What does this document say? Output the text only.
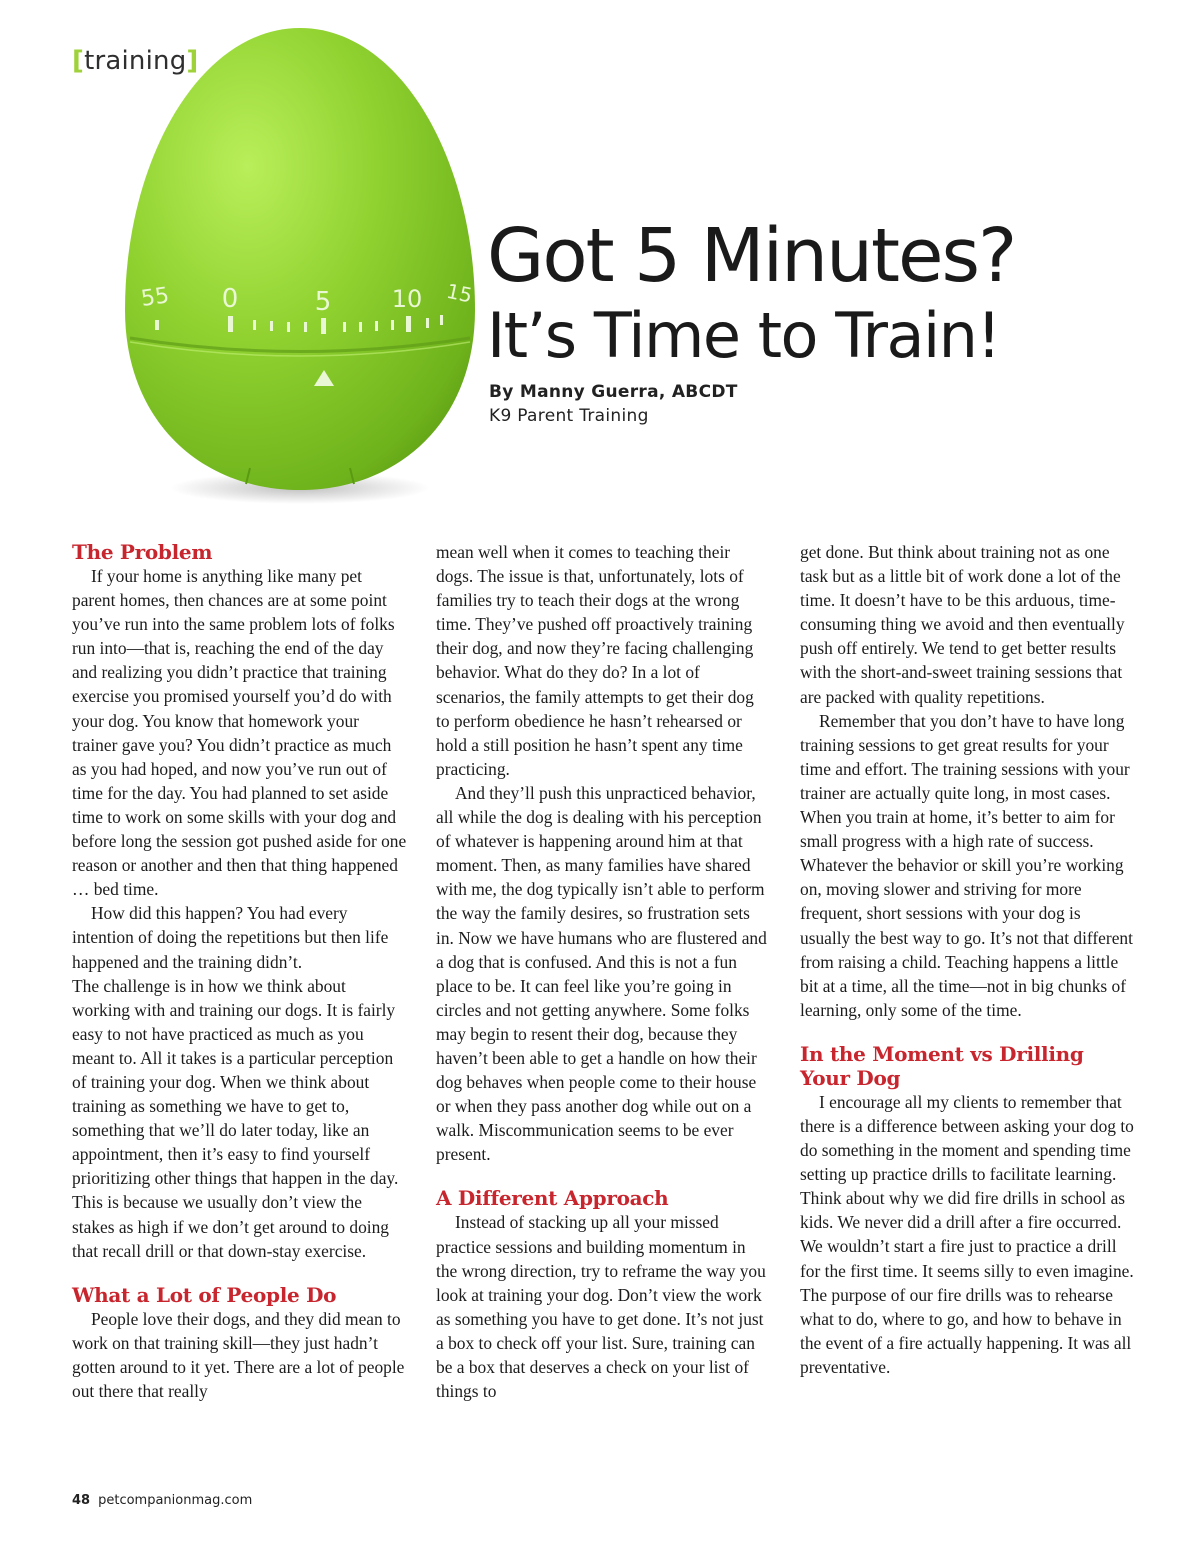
[training]
55 0	5	10 15 Got 5 Minutes?
It’s Time to Train!
By Manny Guerra, ABCDT
K9 Parent Training
The Problem

If your home is anything like many pet parent homes, then chances are at some point you’ve run into the same problem lots of folks run into—that is, reaching the end of the day and realizing you didn’t practice that training exercise you promised yourself you’d do with your dog. You know that homework your trainer gave you? You didn’t practice as much as you had hoped, and now you’ve run out of time for the day. You had planned to set aside time to work on some skills with your dog and before long the session got pushed aside for one reason or another and then that thing happened … bed time.

How did this happen? You had every intention of doing the repetitions but then life happened and the training didn’t.

The challenge is in how we think about working with and training our dogs. It is fairly easy to not have practiced as much as you meant to. All it takes is a particular perception of training your dog. When we think about training as something we have to get to, something that we’ll do later today, like an appointment, then it’s easy to find yourself prioritizing other things that happen in the day. This is because we usually don’t view the stakes as high if we don’t get around to doing that recall drill or that down-stay exercise.

What a Lot of People Do

People love their dogs, and they did mean to work on that training skill—they just hadn’t gotten around to it yet. There are a lot of people out there that really

mean well when it comes to teaching their dogs. The issue is that, unfortunately, lots of families try to teach their dogs at the wrong time. They’ve pushed off proactively training their dog, and now they’re facing challenging behavior. What do they do? In a lot of scenarios, the family attempts to get their dog to perform obedience he hasn’t rehearsed or hold a still position he hasn’t spent any time practicing.

And they’ll push this unpracticed behavior, all while the dog is dealing with his perception of whatever is happening around him at that moment. Then, as many families have shared with me, the dog typically isn’t able to perform the way the family desires, so frustration sets in. Now we have humans who are flustered and a dog that is confused. And this is not a fun place to be. It can feel like you’re going in circles and not getting anywhere. Some folks may begin to resent their dog, because they haven’t been able to get a handle on how their dog behaves when people come to their house or when they pass another dog while out on a walk. Miscommunication seems to be ever present.

A Different Approach

Instead of stacking up all your missed practice sessions and building momentum in the wrong direction, try to reframe the way you look at training your dog. Don’t view the work as something you have to get done. It’s not just a box to check off your list. Sure, training can be a box that deserves a check on your list of things to

get done. But think about training not as one task but as a little bit of work done a lot of the time. It doesn’t have to be this arduous, time-consuming thing we avoid and then eventually push off entirely. We tend to get better results with the short-and-sweet training sessions that are packed with quality repetitions.

Remember that you don’t have to have long training sessions to get great results for your time and effort. The training sessions with your trainer are actually quite long, in most cases. When you train at home, it’s better to aim for small progress with a high rate of success. Whatever the behavior or skill you’re working on, moving slower and striving for more frequent, short sessions with your dog is usually the best way to go. It’s not that different from raising a child. Teaching happens a little bit at a time, all the time—not in big chunks of learning, only some of the time.

In the Moment vs Drilling Your Dog

I encourage all my clients to remember that there is a difference between asking your dog to do something in the moment and spending time setting up practice drills to facilitate learning. Think about why we did fire drills in school as kids. We never did a drill after a fire occurred. We wouldn’t start a fire just to practice a drill for the first time. It seems silly to even imagine. The purpose of our fire drills was to rehearse what to do, where to go, and how to behave in the event of a fire actually happening. It was all preventative.

48 petcompanionmag.com
